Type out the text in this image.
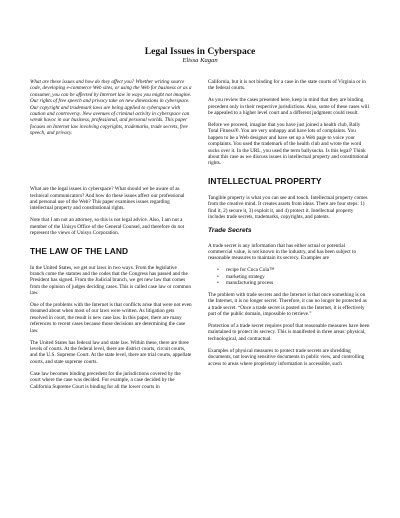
Legal Issues in Cyberspace
Elissa Kagan

What are these issues and how do they affect you? Whether writing source code, developing e-commerce Web sites, or using the Web for business or as a consumer, you can be affected by Internet law in ways you might not imagine. Our rights of free speech and privacy take on new dimensions in cyberspace. Our copyright and trademark laws are being applied to cyberspace with caution and controversy. New avenues of criminal activity in cyberspace can wreak havoc in our business, professional, and personal worlds. This paper focuses on Internet law involving copyrights, trademarks, trade secrets, free speech, and privacy.

What are the legal issues in cyberspace? What should we be aware of as technical communicators? And how do these issues affect our professional and personal use of the Web? This paper examines issues regarding intellectual property and constitutional rights.

Note that I am not an attorney, so this is not legal advice. Also, I am not a member of the Unisys Office of the General Counsel, and therefore do not represent the views of Unisys Corporation.

THE LAW OF THE LAND

In the United States, we get our laws in two ways. From the legislative branch come the statutes and the codes that the Congress has passed and the President has signed. From the Judicial branch, we get new law that comes from the opinion of judges deciding cases. This is called case law or common law.

One of the problems with the Internet is that conflicts arise that were not even dreamed about when most of our laws were written. As litigation gets resolved in court, the result is new case law. In this paper, there are many references to recent cases because those decisions are determining the case law.

The United States has federal law and state law. Within these, there are three levels of courts. At the federal level, there are district courts, circuit courts, and the U.S. Supreme Court. At the state level, there are trial courts, appellate courts, and state supreme courts.

Case law becomes binding precedent for the jurisdictions covered by the court where the case was decided. For example, a case decided by the California Supreme Court is binding for all the lower courts in

California, but it is not binding for a case in the state courts of Virginia or in the federal courts.

As you review the cases presented here, keep in mind that they are binding precedent only in their respective jurisdictions. Also, some of these cases will be appealed to a higher level court and a different judgment could result.

Before we proceed, imagine that you have just joined a health club, Bally Total Fitness®. You are very unhappy and have lots of complaints. You happen to be a Web designer and have set up a Web page to voice your complaints. You used the trademark of the health club and wrote the word sucks over it. In the URL, you used the term ballysucks. Is this legal? Think about this case as we discuss issues in intellectual property and constitutional rights.

INTELLECTUAL PROPERTY

Tangible property is what you can see and touch. Intellectual property comes from the creative mind. It creates assets from ideas. There are four steps: 1) find it, 2) secure it, 3) exploit it, and 4) protect it. Intellectual property includes trade secrets, trademarks, copyrights, and patents.

Trade Secrets

A trade secret is any information that has either actual or potential commercial value, is not known in the industry, and has been subject to reasonable measures to maintain its secrecy. Examples are

• recipe for Coca Cola™
• marketing strategy
• manufacturing process

The problem with trade secrets and the Internet is that once something is on the Internet, it is no longer secret. Therefore, it can no longer be protected as a trade secret. “Once a trade secret is posted on the Internet, it is effectively part of the public domain, impossible to retrieve.”

Protection of a trade secret requires proof that reasonable measures have been maintained to protect its secrecy. This is manifested in three areas: physical, technological, and contractual.

Examples of physical measures to protect trade secrets are shredding documents, not leaving sensitive documents in public view, and controlling access to areas where proprietary information is accessible, such
